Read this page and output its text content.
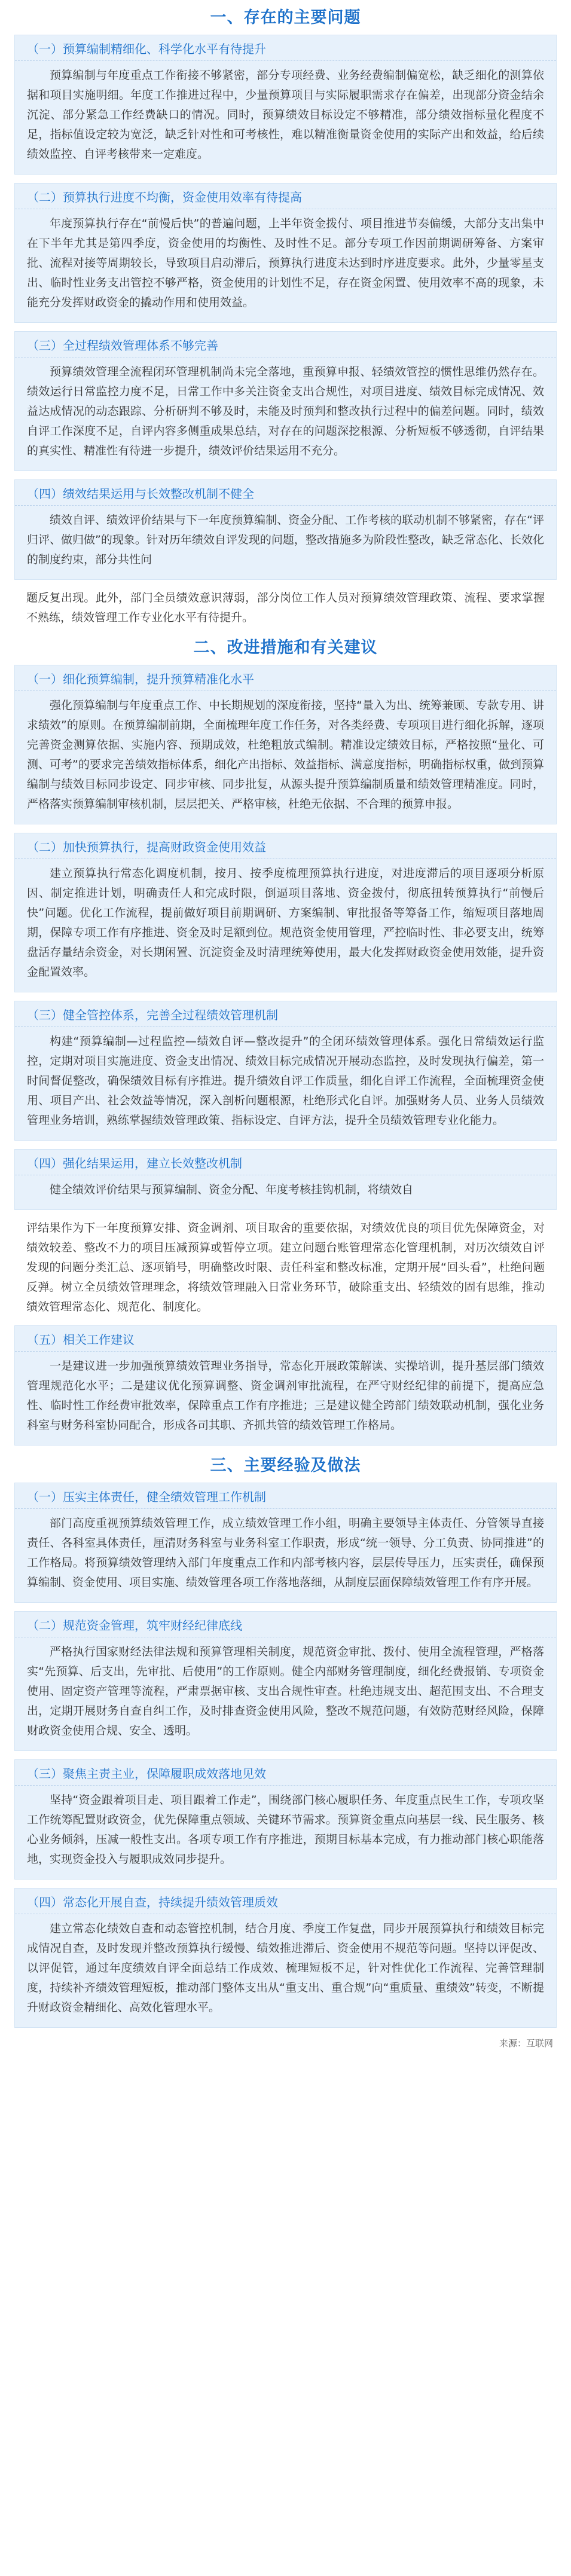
一、存在的主要问题
（一）预算编制精细化、科学化水平有待提升

预算编制与年度重点工作衔接不够紧密，部分专项经费、业务经费编制偏宽松，缺乏细化的测算依据和项目实施明细。年度工作推进过程中，少量预算项目与实际履职需求存在偏差，出现部分资金结余沉淀、部分紧急工作经费缺口的情况。同时，预算绩效目标设定不够精准，部分绩效指标量化程度不足，指标值设定较为宽泛，缺乏针对性和可考核性，难以精准衡量资金使用的实际产出和效益，给后续绩效监控、自评考核带来一定难度。

（二）预算执行进度不均衡，资金使用效率有待提高

年度预算执行存在“前慢后快”的普遍问题，上半年资金拨付、项目推进节奏偏缓，大部分支出集中在下半年尤其是第四季度，资金使用的均衡性、及时性不足。部分专项工作因前期调研筹备、方案审批、流程对接等周期较长，导致项目启动滞后，预算执行进度未达到时序进度要求。此外，少量零星支出、临时性业务支出管控不够严格，资金使用的计划性不足，存在资金闲置、使用效率不高的现象，未能充分发挥财政资金的撬动作用和使用效益。

（三）全过程绩效管理体系不够完善

预算绩效管理全流程闭环管理机制尚未完全落地，重预算申报、轻绩效管控的惯性思维仍然存在。绩效运行日常监控力度不足，日常工作中多关注资金支出合规性，对项目进度、绩效目标完成情况、效益达成情况的动态跟踪、分析研判不够及时，未能及时预判和整改执行过程中的偏差问题。同时，绩效自评工作深度不足，自评内容多侧重成果总结，对存在的问题深挖根源、分析短板不够透彻，自评结果的真实性、精准性有待进一步提升，绩效评价结果运用不充分。

（四）绩效结果运用与长效整改机制不健全

绩效自评、绩效评价结果与下一年度预算编制、资金分配、工作考核的联动机制不够紧密，存在“评归评、做归做”的现象。针对历年绩效自评发现的问题，整改措施多为阶段性整改，缺乏常态化、长效化的制度约束，部分共性问

题反复出现。此外，部门全员绩效意识薄弱，部分岗位工作人员对预算绩效管理政策、流程、要求掌握不熟练，绩效管理工作专业化水平有待提升。

二、改进措施和有关建议
（一）细化预算编制，提升预算精准化水平

强化预算编制与年度重点工作、中长期规划的深度衔接，坚持“量入为出、统筹兼顾、专款专用、讲求绩效”的原则。在预算编制前期，全面梳理年度工作任务，对各类经费、专项项目进行细化拆解，逐项完善资金测算依据、实施内容、预期成效，杜绝粗放式编制。精准设定绩效目标，严格按照“量化、可测、可考”的要求完善绩效指标体系，细化产出指标、效益指标、满意度指标，明确指标权重，做到预算编制与绩效目标同步设定、同步审核、同步批复，从源头提升预算编制质量和绩效管理精准度。同时，严格落实预算编制审核机制，层层把关、严格审核，杜绝无依据、不合理的预算申报。

（二）加快预算执行，提高财政资金使用效益

建立预算执行常态化调度机制，按月、按季度梳理预算执行进度，对进度滞后的项目逐项分析原因、制定推进计划，明确责任人和完成时限，倒逼项目落地、资金拨付，彻底扭转预算执行“前慢后快”问题。优化工作流程，提前做好项目前期调研、方案编制、审批报备等筹备工作，缩短项目落地周期，保障专项工作有序推进、资金及时足额到位。规范资金使用管理，严控临时性、非必要支出，统筹盘活存量结余资金，对长期闲置、沉淀资金及时清理统筹使用，最大化发挥财政资金使用效能，提升资金配置效率。

（三）健全管控体系，完善全过程绩效管理机制

构建“预算编制—过程监控—绩效自评—整改提升”的全闭环绩效管理体系。强化日常绩效运行监控，定期对项目实施进度、资金支出情况、绩效目标完成情况开展动态监控，及时发现执行偏差，第一时间督促整改，确保绩效目标有序推进。提升绩效自评工作质量，细化自评工作流程，全面梳理资金使用、项目产出、社会效益等情况，深入剖析问题根源，杜绝形式化自评。加强财务人员、业务人员绩效管理业务培训，熟练掌握绩效管理政策、指标设定、自评方法，提升全员绩效管理专业化能力。

（四）强化结果运用，建立长效整改机制

健全绩效评价结果与预算编制、资金分配、年度考核挂钩机制，将绩效自

评结果作为下一年度预算安排、资金调剂、项目取舍的重要依据，对绩效优良的项目优先保障资金，对绩效较差、整改不力的项目压减预算或暂停立项。建立问题台账管理常态化管理机制，对历次绩效自评发现的问题分类汇总、逐项销号，明确整改时限、责任科室和整改标准，定期开展“回头看”，杜绝问题反弹。树立全员绩效管理理念，将绩效管理融入日常业务环节，破除重支出、轻绩效的固有思维，推动绩效管理常态化、规范化、制度化。

（五）相关工作建议

一是建议进一步加强预算绩效管理业务指导，常态化开展政策解读、实操培训，提升基层部门绩效管理规范化水平；二是建议优化预算调整、资金调剂审批流程，在严守财经纪律的前提下，提高应急性、临时性工作经费审批效率，保障重点工作有序推进；三是建议健全跨部门绩效联动机制，强化业务科室与财务科室协同配合，形成各司其职、齐抓共管的绩效管理工作格局。

三、主要经验及做法
（一）压实主体责任，健全绩效管理工作机制

部门高度重视预算绩效管理工作，成立绩效管理工作小组，明确主要领导主体责任、分管领导直接责任、各科室具体责任，厘清财务科室与业务科室工作职责，形成“统一领导、分工负责、协同推进”的工作格局。将预算绩效管理纳入部门年度重点工作和内部考核内容，层层传导压力，压实责任，确保预算编制、资金使用、项目实施、绩效管理各项工作落地落细，从制度层面保障绩效管理工作有序开展。

（二）规范资金管理，筑牢财经纪律底线

严格执行国家财经法律法规和预算管理相关制度，规范资金审批、拨付、使用全流程管理，严格落实“先预算、后支出，先审批、后使用”的工作原则。健全内部财务管理制度，细化经费报销、专项资金使用、固定资产管理等流程，严肃票据审核、支出合规性审查。杜绝违规支出、超范围支出、不合理支出，定期开展财务自查自纠工作，及时排查资金使用风险，整改不规范问题，有效防范财经风险，保障财政资金使用合规、安全、透明。

（三）聚焦主责主业，保障履职成效落地见效

坚持“资金跟着项目走、项目跟着工作走”，围绕部门核心履职任务、年度重点民生工作，专项攻坚工作统筹配置财政资金，优先保障重点领域、关键环节需求。预算资金重点向基层一线、民生服务、核心业务倾斜，压减一般性支出。各项专项工作有序推进，预期目标基本完成，有力推动部门核心职能落地，实现资金投入与履职成效同步提升。

（四）常态化开展自查，持续提升绩效管理质效

建立常态化绩效自查和动态管控机制，结合月度、季度工作复盘，同步开展预算执行和绩效目标完成情况自查，及时发现并整改预算执行缓慢、绩效推进滞后、资金使用不规范等问题。坚持以评促改、以评促管，通过年度绩效自评全面总结工作成效、梳理短板不足，针对性优化工作流程、完善管理制度，持续补齐绩效管理短板，推动部门整体支出从“重支出、重合规”向“重质量、重绩效”转变，不断提升财政资金精细化、高效化管理水平。

来源：互联网
